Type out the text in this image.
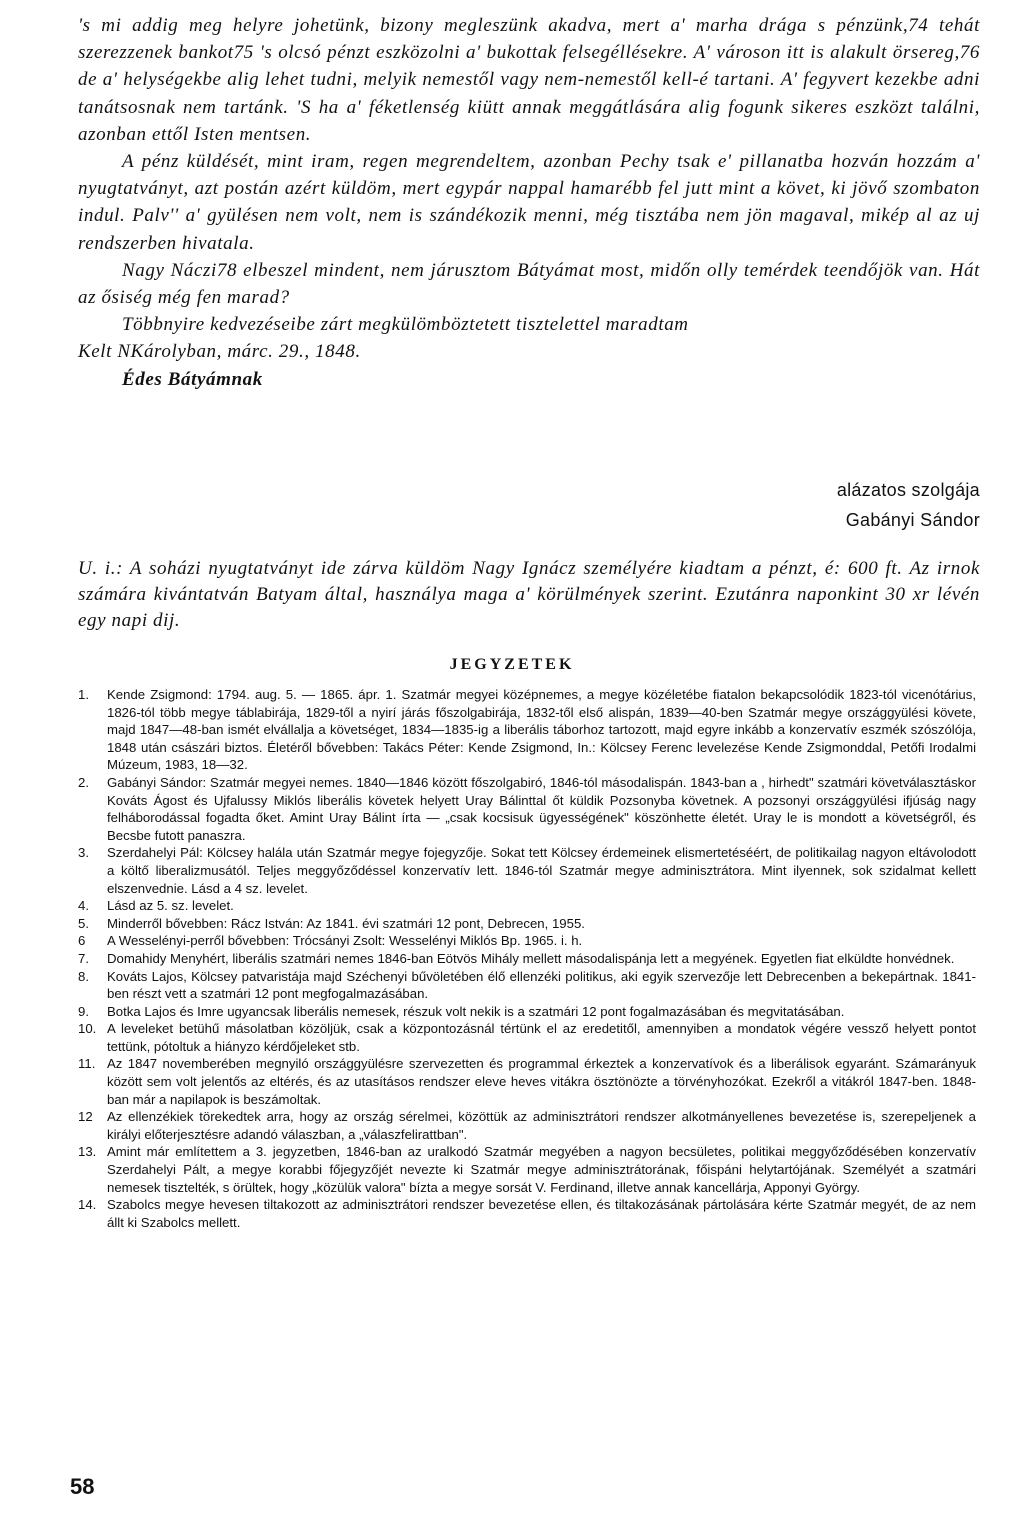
's mi addig meg helyre johetünk, bizony megleszünk akadva, mert a' marha drága s pénzünk,74 tehát szerezzenek bankot75 's olcsó pénzt eszközolni a' bukottak felsegéllésekre. A' városon itt is alakult örsereg,76 de a' helységekbe alig lehet tudni, melyik nemestől vagy nem-nemestől kell-é tartani. A' fegyvert kezekbe adni tanátsosnak nem tartánk. 'S ha a' féketlenség kiütt annak meggátlására alig fogunk sikeres eszközt találni, azonban ettől Isten mentsen.

A pénz küldését, mint iram, regen megrendeltem, azonban Pechy tsak e' pillanatba hozván hozzám a' nyugtatványt, azt postán azért küldöm, mert egypár nappal hamarébb fel jutt mint a követ, ki jövő szombaton indul. Palv'' a' gyülésen nem volt, nem is szándékozik menni, még tisztába nem jön magaval, mikép al az uj rendszerben hivatala.

Nagy Náczi78 elbeszel mindent, nem járusztom Bátyámat most, midőn olly temérdek teendőjök van. Hát az ősiség még fen marad?

Többnyire kedvezéseibe zárt megkülömböztetett tisztelettel maradtam

Kelt NKárolyban, márc. 29., 1848.

Édes Bátyámnak

alázatos szolgája
Gabányi Sándor

U. i.: A soházi nyugtatványt ide zárva küldöm Nagy Ignácz személyére kiadtam a pénzt, é: 600 ft. Az irnok számára kivántatván Batyam által, használya maga a' körülmények szerint. Ezutánra naponkint 30 xr lévén egy napi dij.

JEGYZETEK
1.	Kende Zsigmond: 1794. aug. 5. — 1865. ápr. 1. Szatmár megyei középnemes, a megye közéletébe fiatalon bekapcsolódik 1823-tól vicenótárius, 1826-tól több megye táblabirája, 1829-től a nyirí járás főszolgabirája, 1832-től első alispán, 1839—40-ben Szatmár megye országgyülési követe, majd 1847—48-ban ismét elvállalja a követséget, 1834—1835-ig a liberális táborhoz tartozott, majd egyre inkább a konzervatív eszmék szószólója, 1848 után császári biztos. Életéről bővebben: Takács Péter: Kende Zsigmond, In.: Kölcsey Ferenc levelezése Kende Zsigmonddal, Petőfi Irodalmi Múzeum, 1983, 18—32.
2.	Gabányi Sándor: Szatmár megyei nemes. 1840—1846 között főszolgabiró, 1846-tól másodalispán. 1843-ban a , hirhedt" szatmári követválasztáskor Kováts Ágost és Ujfalussy Miklós liberális követek helyett Uray Bálinttal őt küldik Pozsonyba követnek. A pozsonyi országgyülési ifjúság nagy felháborodással fogadta őket. Amint Uray Bálint írta — „csak kocsisuk ügyességének" köszönhette életét. Uray le is mondott a követségről, és Becsbe futott panaszra.
3.	Szerdahelyi Pál: Kölcsey halála után Szatmár megye fojegyzője. Sokat tett Kölcsey érdemeinek elismertetéséért, de politikailag nagyon eltávolodott a költő liberalizmusától. Teljes meggyőződéssel konzervatív lett. 1846-tól Szatmár megye adminisztrátora. Mint ilyennek, sok szidalmat kellett elszenvednie. Lásd a 4 sz. levelet.
4.	Lásd az 5. sz. levelet.
5.	Minderről bővebben: Rácz István: Az 1841. évi szatmári 12 pont, Debrecen, 1955.
6	A Wesselényi-perről bővebben: Trócsányi Zsolt: Wesselényi Miklós Bp. 1965. i. h.
7.	Domahidy Menyhért, liberális szatmári nemes 1846-ban Eötvös Mihály mellett másodalispánja lett a megyének. Egyetlen fiat elküldte honvédnek.
8.	Kováts Lajos, Kölcsey patvaristája majd Széchenyi bűvöletében élő ellenzéki politikus, aki egyik szervezője lett Debrecenben a bekepártnak. 1841-ben részt vett a szatmári 12 pont megfogalmazásában.
9.	Botka Lajos és Imre ugyancsak liberális nemesek, részuk volt nekik is a szatmári 12 pont fogalmazásában és megvitatásában.
10. A leveleket betühű másolatban közöljük, csak a központozásnál tértünk el az eredetitől, amennyiben a mondatok végére vessző helyett pontot tettünk, pótoltuk a hiányzo kérdőjeleket stb.
11. Az 1847 novemberében megnyiló országgyülésre szervezetten és programmal érkeztek a konzervatívok és a liberálisok egyaránt. Számarányuk között sem volt jelentős az eltérés, és az utasításos rendszer eleve heves vitákra ösztönözte a törvényhozókat. Ezekről a vitákról 1847-ben. 1848-ban már a napilapok is beszámoltak.
12	Az ellenzékiek törekedtek arra, hogy az ország sérelmei, közöttük az adminisztrátori rendszer alkotmányellenes bevezetése is, szerepeljenek a királyi előterjesztésre adandó válaszban, a „válaszfelirattban".
13. Amint már említettem a 3. jegyzetben, 1846-ban az uralkodó Szatmár megyében a nagyon becsületes, politikai meggyőződésében konzervatív Szerdahelyi Pált, a megye korabbi főjegyzőjét nevezte ki Szatmár megye adminisztrátorának, főispáni helytartójának. Személyét a szatmári nemesek tisztelték, s örültek, hogy „közülük valora" bízta a megye sorsát V. Ferdinand, illetve annak kancellárja, Apponyi György.
14. Szabolcs megye hevesen tiltakozott az adminisztrátori rendszer bevezetése ellen, és tiltakozásának pártolására kérte Szatmár megyét, de az nem állt ki Szabolcs mellett.
58
